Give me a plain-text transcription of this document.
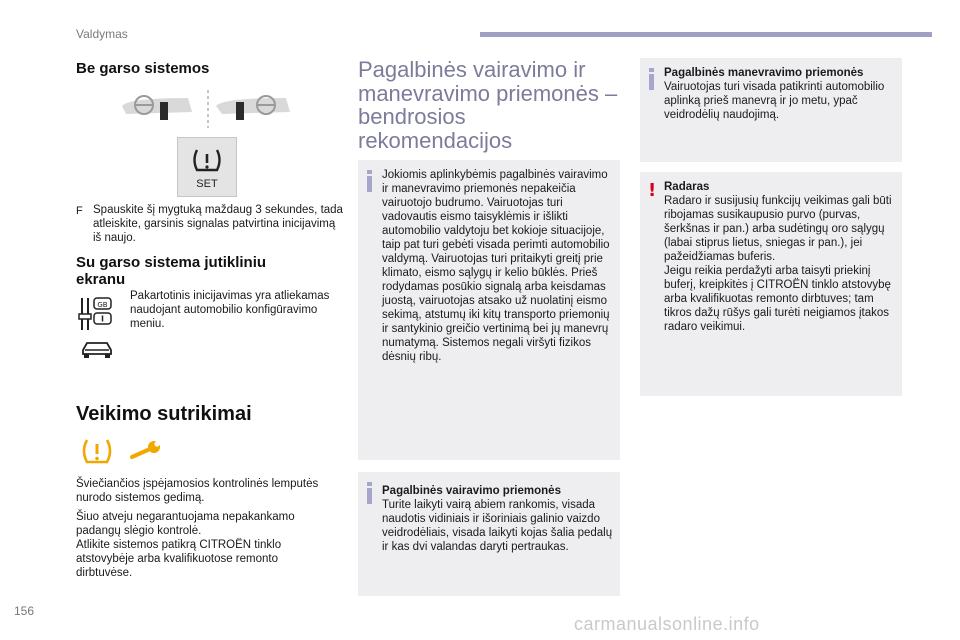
Valdymas
156
carmanualsonline.info
Be garso sistemos
SET
F Spauskite šį mygtuką maždaug 3 sekundes, tada atleiskite, garsinis signalas patvirtina inicijavimą iš naujo.
Su garso sistema jutikliniu ekranu
GB
Pakartotinis inicijavimas yra atliekamas naudojant automobilio konfigūravimo meniu.
Veikimo sutrikimai
Šviečiančios įspėjamosios kontrolinės lemputės nurodo sistemos gedimą.
Šiuo atveju negarantuojama nepakankamo padangų slėgio kontrolė.
Atlikite sistemos patikrą CITROËN tinklo atstovybėje arba kvalifikuotose remonto dirbtuvėse.
Pagalbinės vairavimo ir manevravimo priemonės – bendrosios rekomendacijos
Jokiomis aplinkybėmis pagalbinės vairavimo ir manevravimo priemonės nepakeičia vairuotojo budrumo. Vairuotojas turi vadovautis eismo taisyklėmis ir išlikti automobilio valdytoju bet kokioje situacijoje, taip pat turi gebėti visada perimti automobilio valdymą. Vairuotojas turi pritaikyti greitį prie klimato, eismo sąlygų ir kelio būklės. Prieš rodydamas posūkio signalą arba keisdamas juostą, vairuotojas atsako už nuolatinį eismo sekimą, atstumų iki kitų transporto priemonių ir santykinio greičio vertinimą bei jų manevrų numatymą. Sistemos negali viršyti fizikos dėsnių ribų.
Pagalbinės vairavimo priemonės
Turite laikyti vairą abiem rankomis, visada naudotis vidiniais ir išoriniais galinio vaizdo veidrodėliais, visada laikyti kojas šalia pedalų ir kas dvi valandas daryti pertraukas.
Pagalbinės manevravimo priemonės
Vairuotojas turi visada patikrinti automobilio aplinką prieš manevrą ir jo metu, ypač veidrodėlių naudojimą.
! Radaras
Radaro ir susijusių funkcijų veikimas gali būti ribojamas susikaupusio purvo (purvas, šerkšnas ir pan.) arba sudėtingų oro sąlygų (labai stiprus lietus, sniegas ir pan.), jei pažeidžiamas buferis.
Jeigu reikia perdažyti arba taisyti priekinį buferį, kreipkitės į CITROËN tinklo atstovybę arba kvalifikuotas remonto dirbtuves; tam tikros dažų rūšys gali turėti neigiamos įtakos radaro veikimui.
